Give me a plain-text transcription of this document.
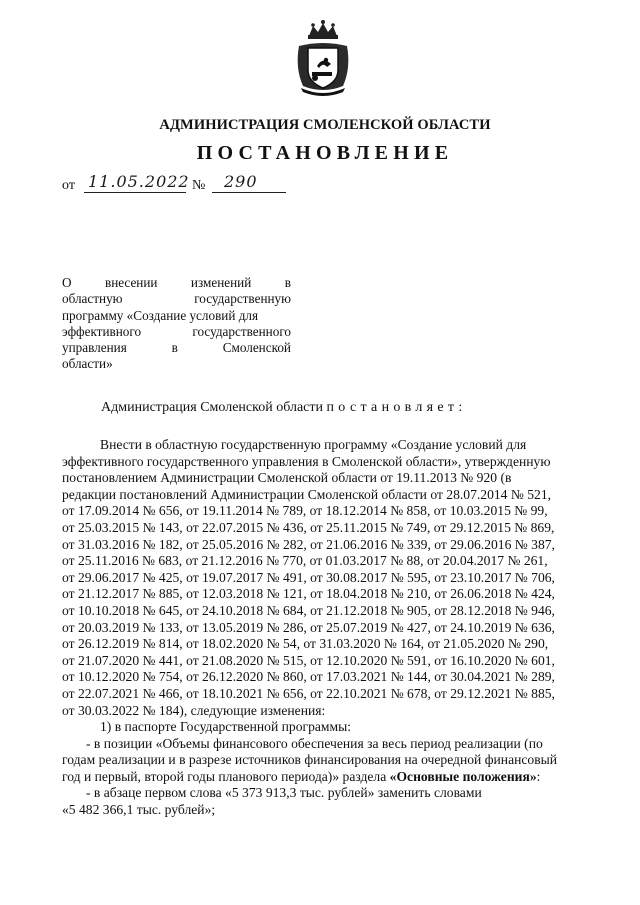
АДМИНИСТРАЦИЯ СМОЛЕНСКОЙ ОБЛАСТИ
ПОСТАНОВЛЕНИЕ
от 11.05.2022 № 290
О	внесении	изменений	в
областную	государственную
программу «Создание условий для
эффективного	государственного
управления	в	Смоленской
области»
Администрация Смоленской области постановляет:
Внести в областную государственную программу «Создание условий для
эффективного государственного управления в Смоленской области», утвержденную
постановлением Администрации Смоленской области от 19.11.2013 № 920 (в
редакции постановлений Администрации Смоленской области от 28.07.2014 № 521,
от 17.09.2014 № 656, от 19.11.2014 № 789, от 18.12.2014 № 858, от 10.03.2015 № 99,
от 25.03.2015 № 143, от 22.07.2015 № 436, от 25.11.2015 № 749, от 29.12.2015 № 869,
от 31.03.2016 № 182, от 25.05.2016 № 282, от 21.06.2016 № 339, от 29.06.2016 № 387,
от 25.11.2016 № 683, от 21.12.2016 № 770, от 01.03.2017 № 88, от 20.04.2017 № 261,
от 29.06.2017 № 425, от 19.07.2017 № 491, от 30.08.2017 № 595, от 23.10.2017 № 706,
от 21.12.2017 № 885, от 12.03.2018 № 121, от 18.04.2018 № 210, от 26.06.2018 № 424,
от 10.10.2018 № 645, от 24.10.2018 № 684, от 21.12.2018 № 905, от 28.12.2018 № 946,
от 20.03.2019 № 133, от 13.05.2019 № 286, от 25.07.2019 № 427, от 24.10.2019 № 636,
от 26.12.2019 № 814, от 18.02.2020 № 54, от 31.03.2020 № 164, от 21.05.2020 № 290,
от 21.07.2020 № 441, от 21.08.2020 № 515, от 12.10.2020 № 591, от 16.10.2020 № 601,
от 10.12.2020 № 754, от 26.12.2020 № 860, от 17.03.2021 № 144, от 30.04.2021 № 289,
от 22.07.2021 № 466, от 18.10.2021 № 656, от 22.10.2021 № 678, от 29.12.2021 № 885,
от 30.03.2022 № 184), следующие изменения:
1) в паспорте Государственной программы:
- в позиции «Объемы финансового обеспечения за весь период реализации (по
годам реализации и в разрезе источников финансирования на очередной финансовый
год и первый, второй годы планового периода)» раздела
«Основные положения» :
- в абзаце первом слова «5 373 913,3 тыс. рублей» заменить словами
«5 482 366,1 тыс. рублей»;
